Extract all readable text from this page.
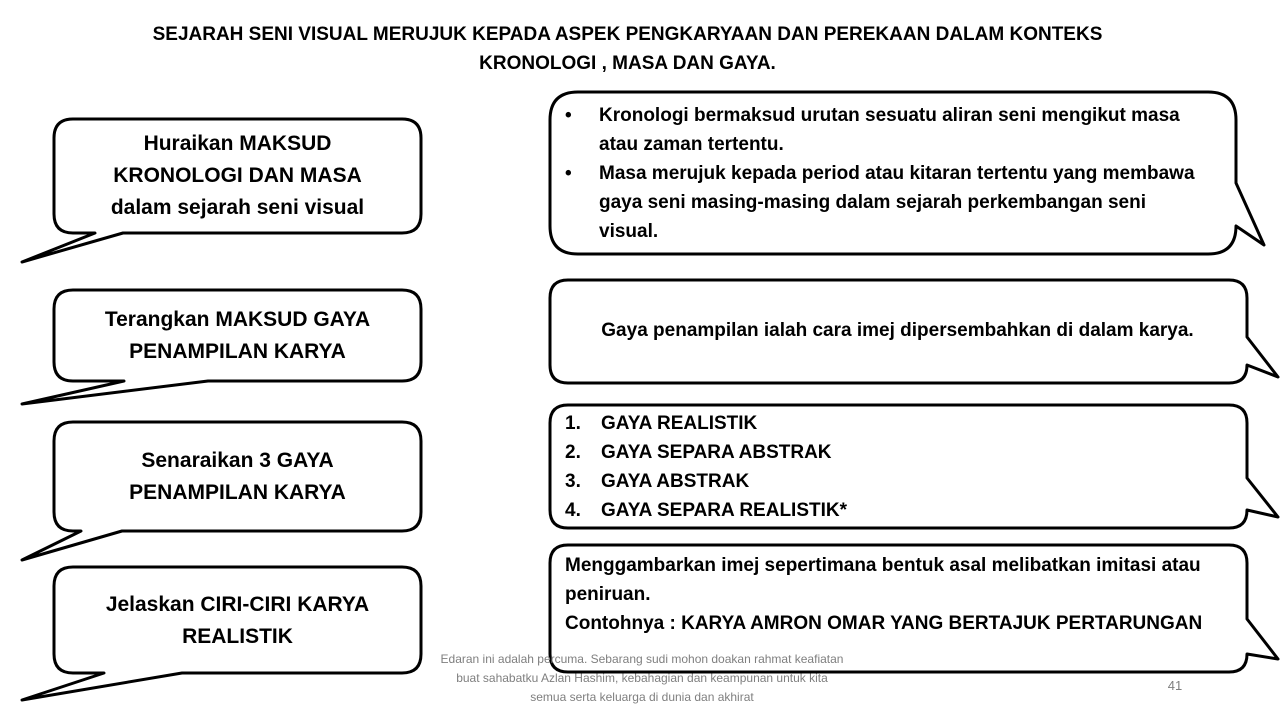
SEJARAH SENI VISUAL MERUJUK KEPADA ASPEK PENGKARYAAN DAN PEREKAAN DALAM KONTEKS
KRONOLOGI , MASA DAN GAYA.
Huraikan MAKSUD
KRONOLOGI DAN MASA
dalam sejarah seni visual
Terangkan MAKSUD GAYA
PENAMPILAN KARYA
Senaraikan 3 GAYA
PENAMPILAN KARYA
Jelaskan CIRI-CIRI KARYA
REALISTIK
•	Kronologi bermaksud urutan sesuatu aliran seni mengikut masa atau zaman tertentu.
•	Masa merujuk kepada period atau kitaran tertentu yang membawa gaya seni masing-masing dalam sejarah perkembangan seni visual.
Gaya penampilan ialah cara imej dipersembahkan di dalam karya.
1.	GAYA REALISTIK
2.	GAYA SEPARA ABSTRAK
3.	GAYA ABSTRAK
4.	GAYA SEPARA REALISTIK*
Menggambarkan imej sepertimana bentuk asal melibatkan imitasi atau peniruan.
Contohnya : KARYA AMRON OMAR YANG BERTAJUK PERTARUNGAN
Edaran ini adalah percuma. Sebarang sudi mohon doakan rahmat keafiatan buat sahabatku Azlan Hashim, kebahagian dan keampunan untuk kita semua serta keluarga di dunia dan akhirat
41
